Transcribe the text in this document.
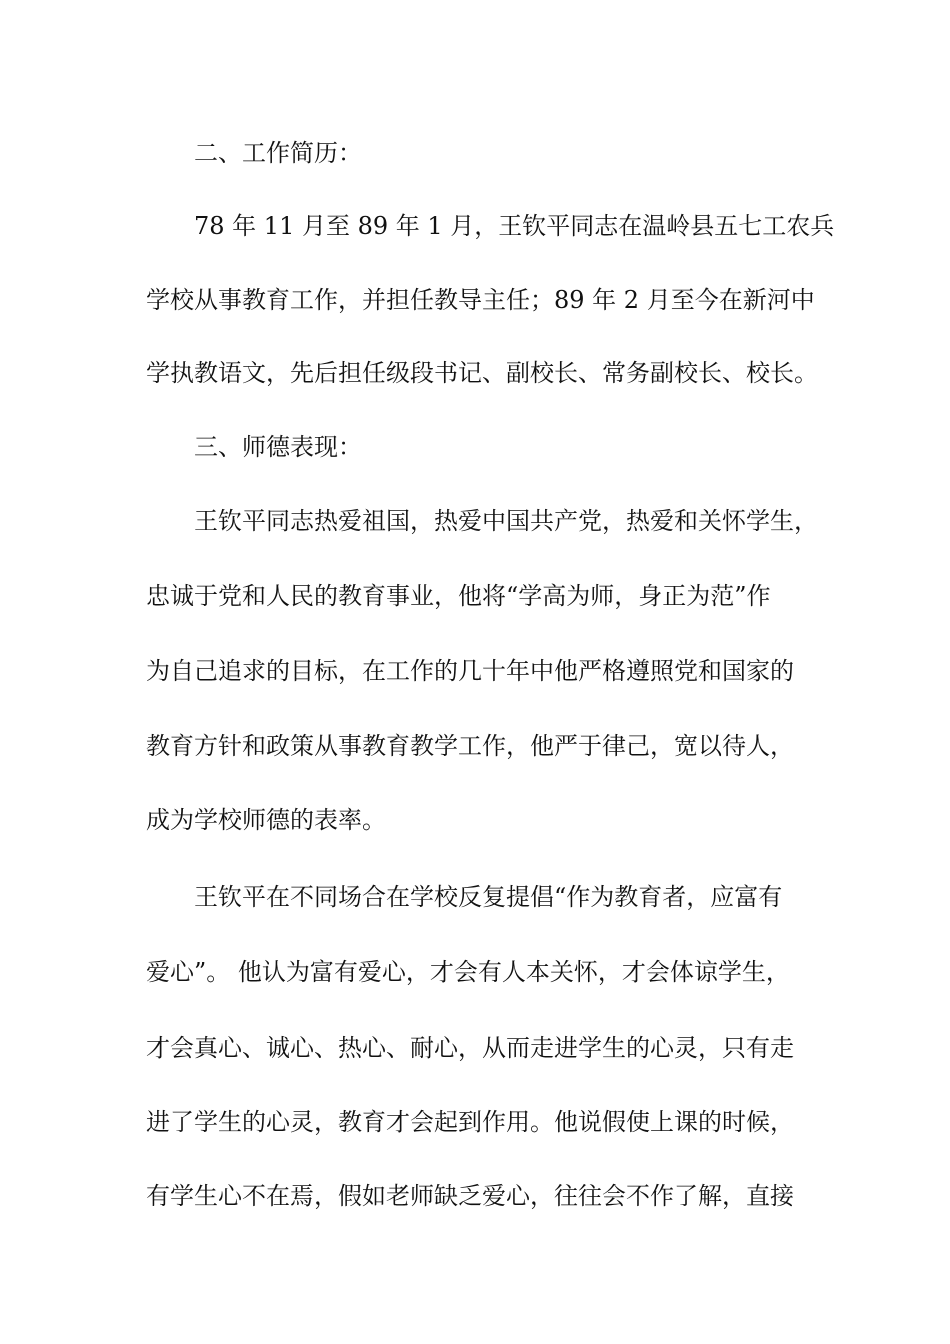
二、工作简历：
78 年 11 月至 89 年 1 月，王钦平同志在温岭县五七工农兵
学校从事教育工作，并担任教导主任；89 年 2 月至今在新河中
学执教语文，先后担任级段书记、副校长、常务副校长、校长。
三、师德表现：
王钦平同志热爱祖国，热爱中国共产党，热爱和关怀学生，
忠诚于党和人民的教育事业，他将“学高为师，身正为范”作
为自己追求的目标，在工作的几十年中他严格遵照党和国家的
教育方针和政策从事教育教学工作，他严于律己，宽以待人，
成为学校师德的表率。
王钦平在不同场合在学校反复提倡“作为教育者，应富有
爱心”。 他认为富有爱心，才会有人本关怀，才会体谅学生，
才会真心、诚心、热心、耐心，从而走进学生的心灵，只有走
进了学生的心灵，教育才会起到作用。他说假使上课的时候，
有学生心不在焉，假如老师缺乏爱心，往往会不作了解，直接
